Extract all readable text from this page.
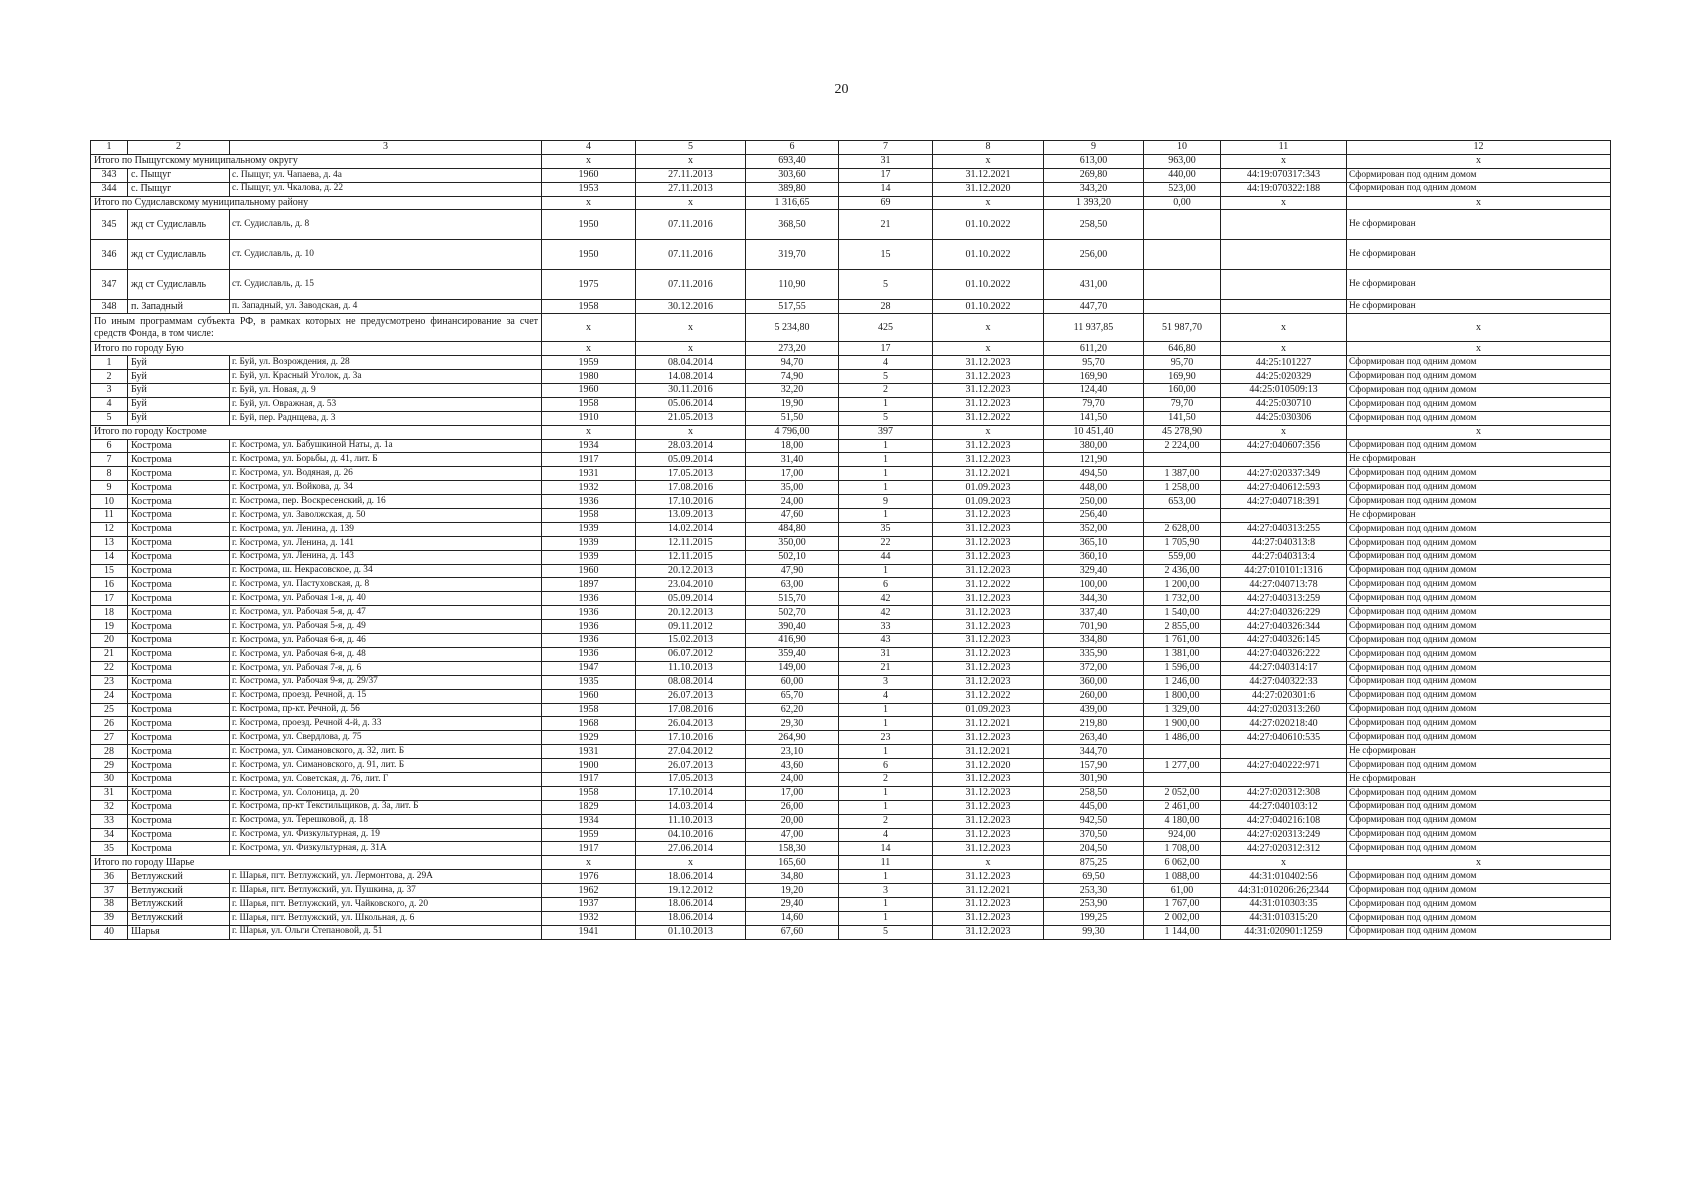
20
1	2	3	4	5	6	7	8	9	10	11	12
Итого по Пыщугскому муниципальному округу			x	x	693,40	31	x	613,00	963,00	x	x
343	с. Пыщуг	с. Пыщуг, ул. Чапаева, д. 4а	1960	27.11.2013	303,60	17	31.12.2021	269,80	440,00	44:19:070317:343	Сформирован под одним домом
344	с. Пыщуг	с. Пыщуг, ул. Чкалова, д. 22	1953	27.11.2013	389,80	14	31.12.2020	343,20	523,00	44:19:070322:188	Сформирован под одним домом
Итого по Судиславскому муниципальному району			x	x	1 316,65	69	x	1 393,20	0,00	x	x
345	жд ст Судиславль	ст. Судиславль, д. 8	1950	07.11.2016	368,50	21	01.10.2022	258,50			Не сформирован
346	жд ст Судиславль	ст. Судиславль, д. 10	1950	07.11.2016	319,70	15	01.10.2022	256,00			Не сформирован
347	жд ст Судиславль	ст. Судиславль, д. 15	1975	07.11.2016	110,90	5	01.10.2022	431,00			Не сформирован
348	п. Западный	п. Западный, ул. Заводская, д. 4	1958	30.12.2016	517,55	28	01.10.2022	447,70			Не сформирован
По иным программам субъекта РФ, в рамках которых не предусмотрено финансирование за счет средств Фонда, в том числе:			x	x	5 234,80	425	x	11 937,85	51 987,70	x	x
Итого по городу Бую			x	x	273,20	17	x	611,20	646,80	x	x
1	Буй	г. Буй, ул. Возрождения, д. 28	1959	08.04.2014	94,70	4	31.12.2023	95,70	95,70	44:25:101227	Сформирован под одним домом
2	Буй	г. Буй, ул. Красный Уголок, д. 3а	1980	14.08.2014	74,90	5	31.12.2023	169,90	169,90	44:25:020329	Сформирован под одним домом
3	Буй	г. Буй, ул. Новая, д. 9	1960	30.11.2016	32,20	2	31.12.2023	124,40	160,00	44:25:010509:13	Сформирован под одним домом
4	Буй	г. Буй, ул. Овражная, д. 53	1958	05.06.2014	19,90	1	31.12.2023	79,70	79,70	44:25:030710	Сформирован под одним домом
5	Буй	г. Буй, пер. Раднщева, д. 3	1910	21.05.2013	51,50	5	31.12.2022	141,50	141,50	44:25:030306	Сформирован под одним домом
Итого по городу Костроме			x	x	4 796,00	397	x	10 451,40	45 278,90	x	x
6	Кострома	г. Кострома, ул. Бабушкиной Наты, д. 1а	1934	28.03.2014	18,00	1	31.12.2023	380,00	2 224,00	44:27:040607:356	Сформирован под одним домом
7	Кострома	г. Кострома, ул. Борьбы, д. 41, лит. Б	1917	05.09.2014	31,40	1	31.12.2023	121,90			Не сформирован
8	Кострома	г. Кострома, ул. Водяная, д. 26	1931	17.05.2013	17,00	1	31.12.2021	494,50	1 387,00	44:27:020337:349	Сформирован под одним домом
9	Кострома	г. Кострома, ул. Войкова, д. 34	1932	17.08.2016	35,00	1	01.09.2023	448,00	1 258,00	44:27:040612:593	Сформирован под одним домом
10	Кострома	г. Кострома, пер. Воскресенский, д. 16	1936	17.10.2016	24,00	9	01.09.2023	250,00	653,00	44:27:040718:391	Сформирован под одним домом
11	Кострома	г. Кострома, ул. Заволжская, д. 50	1958	13.09.2013	47,60	1	31.12.2023	256,40			Не сформирован
12	Кострома	г. Кострома, ул. Ленина, д. 139	1939	14.02.2014	484,80	35	31.12.2023	352,00	2 628,00	44:27:040313:255	Сформирован под одним домом
13	Кострома	г. Кострома, ул. Ленина, д. 141	1939	12.11.2015	350,00	22	31.12.2023	365,10	1 705,90	44:27:040313:8	Сформирован под одним домом
14	Кострома	г. Кострома, ул. Ленина, д. 143	1939	12.11.2015	502,10	44	31.12.2023	360,10	559,00	44:27:040313:4	Сформирован под одним домом
15	Кострома	г. Кострома, ш. Некрасовское, д. 34	1960	20.12.2013	47,90	1	31.12.2023	329,40	2 436,00	44:27:010101:1316	Сформирован под одним домом
16	Кострома	г. Кострома, ул. Пастуховская, д. 8	1897	23.04.2010	63,00	6	31.12.2022	100,00	1 200,00	44:27:040713:78	Сформирован под одним домом
17	Кострома	г. Кострома, ул. Рабочая 1-я, д. 40	1936	05.09.2014	515,70	42	31.12.2023	344,30	1 732,00	44:27:040313:259	Сформирован под одним домом
18	Кострома	г. Кострома, ул. Рабочая 5-я, д. 47	1936	20.12.2013	502,70	42	31.12.2023	337,40	1 540,00	44:27:040326:229	Сформирован под одним домом
19	Кострома	г. Кострома, ул. Рабочая 5-я, д. 49	1936	09.11.2012	390,40	33	31.12.2023	701,90	2 855,00	44:27:040326:344	Сформирован под одним домом
20	Кострома	г. Кострома, ул. Рабочая 6-я, д. 46	1936	15.02.2013	416,90	43	31.12.2023	334,80	1 761,00	44:27:040326:145	Сформирован под одним домом
21	Кострома	г. Кострома, ул. Рабочая 6-я, д. 48	1936	06.07.2012	359,40	31	31.12.2023	335,90	1 381,00	44:27:040326:222	Сформирован под одним домом
22	Кострома	г. Кострома, ул. Рабочая 7-я, д. 6	1947	11.10.2013	149,00	21	31.12.2023	372,00	1 596,00	44:27:040314:17	Сформирован под одним домом
23	Кострома	г. Кострома, ул. Рабочая 9-я, д. 29/37	1935	08.08.2014	60,00	3	31.12.2023	360,00	1 246,00	44:27:040322:33	Сформирован под одним домом
24	Кострома	г. Кострома, проезд. Речной, д. 15	1960	26.07.2013	65,70	4	31.12.2022	260,00	1 800,00	44:27:020301:6	Сформирован под одним домом
25	Кострома	г. Кострома, пр-кт. Речной, д. 56	1958	17.08.2016	62,20	1	01.09.2023	439,00	1 329,00	44:27:020313:260	Сформирован под одним домом
26	Кострома	г. Кострома, проезд. Речной 4-й, д. 33	1968	26.04.2013	29,30	1	31.12.2021	219,80	1 900,00	44:27:020218:40	Сформирован под одним домом
27	Кострома	г. Кострома, ул. Свердлова, д. 75	1929	17.10.2016	264,90	23	31.12.2023	263,40	1 486,00	44:27:040610:535	Сформирован под одним домом
28	Кострома	г. Кострома, ул. Симановского, д. 32, лит. Б	1931	27.04.2012	23,10	1	31.12.2021	344,70			Не сформирован
29	Кострома	г. Кострома, ул. Симановского, д. 91, лит. Б	1900	26.07.2013	43,60	6	31.12.2020	157,90	1 277,00	44:27:040222:971	Сформирован под одним домом
30	Кострома	г. Кострома, ул. Советская, д. 76, лит. Г	1917	17.05.2013	24,00	2	31.12.2023	301,90			Не сформирован
31	Кострома	г. Кострома, ул. Солоница, д. 20	1958	17.10.2014	17,00	1	31.12.2023	258,50	2 052,00	44:27:020312:308	Сформирован под одним домом
32	Кострома	г. Кострома, пр-кт Текстильщиков, д. 3а, лит. Б	1829	14.03.2014	26,00	1	31.12.2023	445,00	2 461,00	44:27:040103:12	Сформирован под одним домом
33	Кострома	г. Кострома, ул. Терешковой, д. 18	1934	11.10.2013	20,00	2	31.12.2023	942,50	4 180,00	44:27:040216:108	Сформирован под одним домом
34	Кострома	г. Кострома, ул. Физкультурная, д. 19	1959	04.10.2016	47,00	4	31.12.2023	370,50	924,00	44:27:020313:249	Сформирован под одним домом
35	Кострома	г. Кострома, ул. Физкультурная, д. 31А	1917	27.06.2014	158,30	14	31.12.2023	204,50	1 708,00	44:27:020312:312	Сформирован под одним домом
Итого по городу Шарье			x	x	165,60	11	x	875,25	6 062,00	x	x
36	Ветлужский	г. Шарья, пгт. Ветлужский, ул. Лермонтова, д. 29А	1976	18.06.2014	34,80	1	31.12.2023	69,50	1 088,00	44:31:010402:56	Сформирован под одним домом
37	Ветлужский	г. Шарья, пгт. Ветлужский, ул. Пушкина, д. 37	1962	19.12.2012	19,20	3	31.12.2021	253,30	61,00	44:31:010206:26;2344	Сформирован под одним домом
38	Ветлужский	г. Шарья, пгт. Ветлужский, ул. Чайковского, д. 20	1937	18.06.2014	29,40	1	31.12.2023	253,90	1 767,00	44:31:010303:35	Сформирован под одним домом
39	Ветлужский	г. Шарья, пгт. Ветлужский, ул. Школьная, д. 6	1932	18.06.2014	14,60	1	31.12.2023	199,25	2 002,00	44:31:010315:20	Сформирован под одним домом
40	Шарья	г. Шарья, ул. Ольги Степановой, д. 51	1941	01.10.2013	67,60	5	31.12.2023	99,30	1 144,00	44:31:020901:1259	Сформирован под одним домом
